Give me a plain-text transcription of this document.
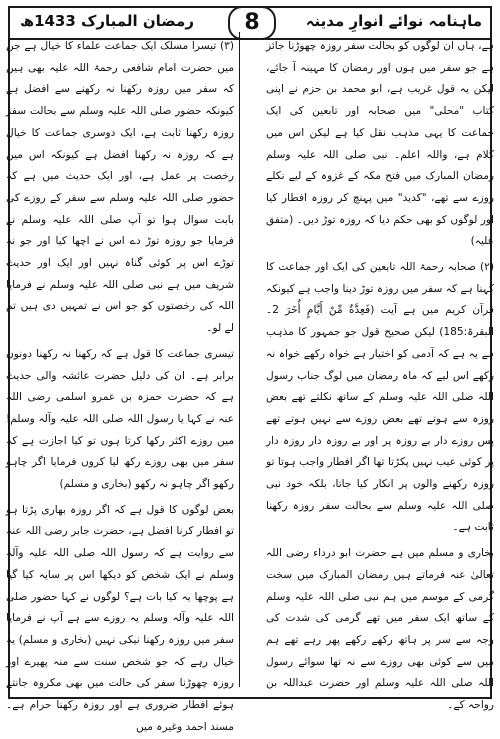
ماہنامہ نوائے انوارِ مدینہ
8
رمضان المبارک 1433ھ

ہے، ہاں ان لوگوں کو بحالت سفر روزہ چھوڑنا جائز ہے جو سفر میں ہوں اور رمضان کا مہینہ آ جائے، لیکن یہ قول غریب ہے، ابو محمد بن حزم نے اپنی کتاب "محلی" میں صحابہ اور تابعین کی ایک جماعت کا یہی مذہب نقل کیا ہے لیکن اس میں کلام ہے، واللہ اعلم۔ نبی صلی اللہ علیہ وسلم رمضان المبارک میں فتح مکہ کے غزوہ کے لیے نکلے روزے سے تھے، "کدید" میں پہنچ کر روزہ افطار کیا اور لوگوں کو بھی حکم دیا کہ روزہ توڑ دیں۔ (متفق علیہ)

(۲) صحابہ رحمۃ اللہ تابعین کی ایک اور جماعت کا کہنا ہے کہ سفر میں روزہ توڑ دینا واجب ہے کیونکہ قرآن کریم میں ہے آیت (فَعِدَّةٌ مِّنْ أَيَّامٍ أُخَرَ 2۔البقرۃ:185) لیکن صحیح قول جو جمہور کا مذہب ہے یہ ہے کہ آدمی کو اختیار ہے خواہ رکھے خواہ نہ رکھے اس لیے کہ ماہ رمضان میں لوگ جناب رسول اللہ صلی اللہ علیہ وسلم کے ساتھ نکلتے تھے بعض روزہ سے ہوتے تھے بعض روزے سے نہیں ہوتے تھے پس روزے دار بے روزہ پر اور بے روزہ دار روزہ دار پر کوئی عیب نہیں پکڑتا تھا اگر افطار واجب ہوتا تو روزہ رکھنے والوں پر انکار کیا جاتا، بلکہ خود نبی صلی اللہ علیہ وسلم سے بحالت سفر روزہ رکھنا ثابت ہے۔

بخاری و مسلم میں ہے حضرت ابو درداء رضی اللہ تعالیٰ عنہ فرماتے ہیں رمضان المبارک میں سخت گرمی کے موسم میں ہم نبی صلی اللہ علیہ وسلم کے ساتھ ایک سفر میں تھے گرمی کی شدت کی وجہ سے سر پر ہاتھ رکھے رکھے پھر رہے تھے ہم میں سے کوئی بھی روزے سے نہ تھا سوائے رسول اللہ صلی اللہ علیہ وسلم اور حضرت عبداللہ بن رواحہ کے۔

(۳) تیسرا مسلک ایک جماعت علماء کا خیال ہے جن میں حضرت امام شافعی رحمۃ اللہ علیہ بھی ہیں کہ سفر میں روزہ رکھنا نہ رکھنے سے افضل ہے کیونکہ حضور صلی اللہ علیہ وسلم سے بحالت سفر روزہ رکھنا ثابت ہے، ایک دوسری جماعت کا خیال ہے کہ روزہ نہ رکھنا افضل ہے کیونکہ اس میں رخصت پر عمل ہے، اور ایک حدیث میں ہے کہ حضور صلی اللہ علیہ وسلم سے سفر کے روزے کی بابت سوال ہوا تو آپ صلی اللہ علیہ وسلم نے فرمایا جو روزہ توڑ دے اس نے اچھا کیا اور جو نہ توڑے اس پر کوئی گناہ نہیں اور ایک اور حدیث شریف میں ہے نبی صلی اللہ علیہ وسلم نے فرمایا اللہ کی رخصتوں کو جو اس نے تمہیں دی ہیں تم لے لو۔

تیسری جماعت کا قول ہے کہ رکھنا نہ رکھنا دونوں برابر ہے۔ ان کی دلیل حضرت عائشہ والی حدیث ہے کہ حضرت حمزہ بن عمرو اسلمی رضی اللہ عنہ نے کہا یا رسول اللہ صلی اللہ علیہ وآلہ وسلم! میں روزے اکثر رکھا کرتا ہوں تو کیا اجازت ہے کہ سفر میں بھی روزے رکھ لیا کروں فرمایا اگر چاہو رکھو اگر چاہو نہ رکھو (بخاری و مسلم)

بعض لوگوں کا قول ہے کہ اگر روزہ بھاری پڑتا ہو تو افطار کرنا افضل ہے، حضرت جابر رضی اللہ عنہ سے روایت ہے کہ رسول اللہ صلی اللہ علیہ وآلہ وسلم نے ایک شخص کو دیکھا اس پر سایہ کیا گیا ہے پوچھا یہ کیا بات ہے؟ لوگوں نے کہا حضور صلی اللہ علیہ وآلہ وسلم یہ روزے سے ہے آپ نے فرمایا سفر میں روزہ رکھنا نیکی نہیں (بخاری و مسلم) یہ خیال رہے کہ جو شخص سنت سے منہ پھیرے اور روزہ چھوڑنا سفر کی حالت میں بھی مکروہ جانتے ہوئے افطار ضروری ہے اور روزہ رکھنا حرام ہے۔ مسند احمد وغیرہ میں
